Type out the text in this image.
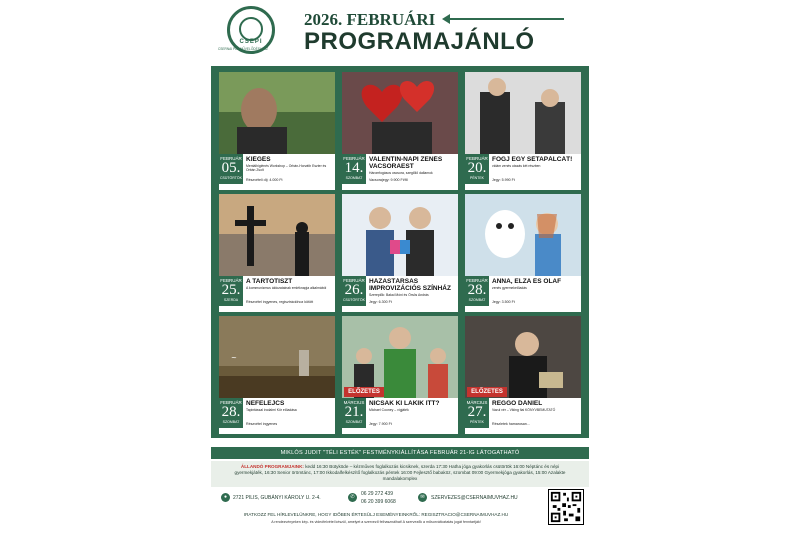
CSEPI
CSERNAI PÁL MŰVELŐDÉSI HÁZ
2026. FEBRUÁRI
PROGRAMAJÁNLÓ
FEBRUÁR
05.
CSÜTÖRTÖK
KIÉGÉS
Mentálhigiénés Workshop – Orbán-Horváth Eszter és Orbán Zsolt
Részvételi díj: 4.000 Ft
FEBRUÁR
14.
SZOMBAT
VALENTIN-NAPI ZENÉS VACSORAEST
Háromfogásos vacsora, szeglőlő dallamok
Vacsorajegy: 9.900 Ft/fő
FEBRUÁR
20.
PÉNTEK
FOGJ EGY SÉTAPÁLCÁT!
vidám zenés utazás két részben
Jegy: 5.990 Ft
FEBRUÁR
25.
SZERDA
A TARTÓTISZT
A kommunizmus áldozatainak emléknapja alkalmából
Részvétel ingyenes, regisztrációhoz kötött
FEBRUÁR
26.
CSÜTÖRTÖK
HÁZASTÁRSAS IMPROVIZÁCIÓS SZÍNHÁZ
Szereplők: Bakai Móni és Örsös András
Jegy: 6.300 Ft
FEBRUÁR
28.
SZOMBAT
ANNA, ELZA ÉS OLAF
zenés gyermekelőadás
Jegy: 3.500 Ft
~
FEBRUÁR
28.
SZOMBAT
NEFELEJCS
Tapintással irodalmi Kör előadása
Részvétel ingyenes
ELŐZETES
MÁRCIUS
21.
SZOMBAT
NICSAK KI LAKIK ITT?
Michael Cooney – vígjáték
Jegy: 7.900 Ft
ELŐZETES
MÁRCIUS
27.
PÉNTEK
REGGŐ DÁNIEL
Vazul vér – Viking fiai KÖNYVBEMUTATÓ
Részletek hamarosan...
MIKLÓS JUDIT "TÉLI ESTÉK" FESTMÉNYKIÁLLÍTÁSA FEBRUÁR 21-IG LÁTOGATHATÓ
ÁLLANDÓ PROGRAMJAINK: kedd 16:30 Bütyköde – kézműves foglalkozás kicsiknek, szerda 17:30 Hatha jóga gyakorlás csütörtök 16:00 Néptánc és népi gyermekjáték, 16:30 Senior örömtánc, 17:00 Ikkodalfelkészítő foglalkozás péntek 16:00 Fejlesztő babaköz, szombat 09:00 Gyermekjóga gyakorlás, 15:00 Azalakte mandalakomplex
●	2721 PILIS, GUBÁNYI KÁROLY U. 2-4.	✆	06 29 272 439
06 20 399 6068
✉	SZERVEZES@CSERNAIMUVHAZ.HU
IRATKOZZ FEL HÍRLEVELÜNKRE, HOGY IDŐBEN ÉRTESÜLJ ESEMÉNYEINKRŐL: REGISZTRACIO@CSERNAIMUVHAZ.HU
A rendezvényeken kép- és videófelvétel készül, amelyet a szervező felhasználhat! A szervezők a műsorváltoztatás jogát fenntartják!
